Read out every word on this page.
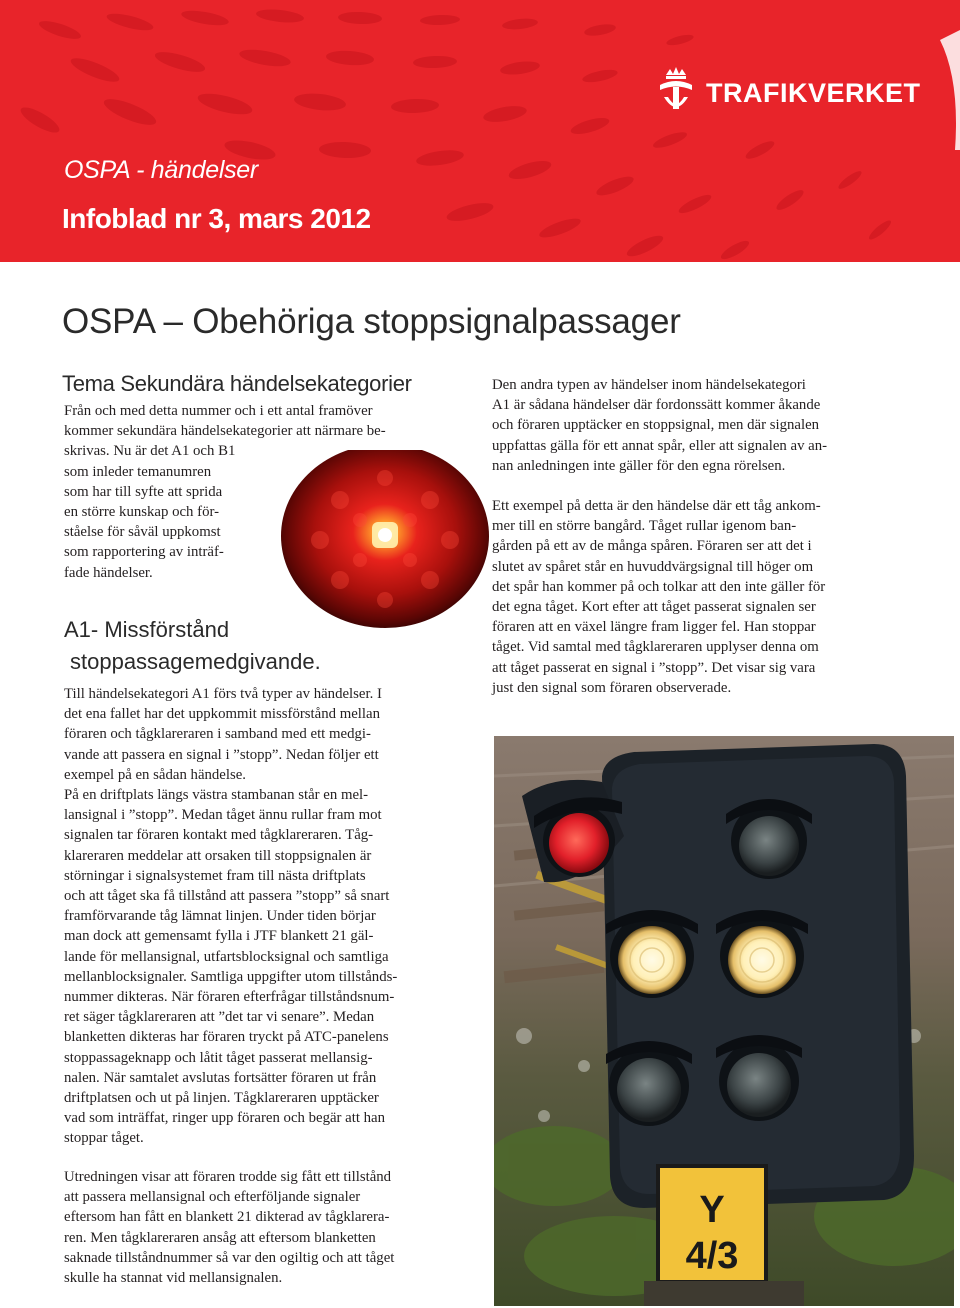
OSPA - händelser
Infoblad nr 3, mars 2012
TRAFIKVERKET
OSPA – Obehöriga stoppsignalpassager
Tema Sekundära händelsekategorier
Från och med detta nummer och i ett antal framöver
kommer sekundära händelsekategorier att närmare be-
skrivas. Nu är det A1 och B1
som inleder temanumren
som har till syfte att sprida
en större kunskap och för-
ståelse för såväl uppkomst
som rapportering av inträf-
fade händelser.
A1- Missförstånd
stoppassagemedgivande.
Till händelsekategori A1 förs två typer av händelser. I
det ena fallet har det uppkommit missförstånd mellan
föraren och tågklareraren i samband med ett medgi-
vande att passera en signal i ”stopp”. Nedan följer ett
exempel på en sådan händelse.
På en driftplats längs västra stambanan står en mel-
lansignal i ”stopp”. Medan tåget ännu rullar fram mot
signalen tar föraren kontakt med tågklareraren. Tåg-
klareraren meddelar att orsaken till stoppsignalen är
störningar i signalsystemet fram till nästa driftplats
och att tåget ska få tillstånd att passera ”stopp” så snart
framförvarande tåg lämnat linjen. Under tiden börjar
man dock att gemensamt fylla i JTF blankett 21 gäl-
lande för mellansignal, utfartsblocksignal och samtliga
mellanblocksignaler. Samtliga uppgifter utom tillstånds-
nummer dikteras. När föraren efterfrågar tillståndsnum-
ret säger tågklareraren att ”det tar vi senare”. Medan
blanketten dikteras har föraren tryckt på ATC-panelens
stoppassageknapp och låtit tåget passerat mellansig-
nalen. När samtalet avslutas fortsätter föraren ut från
driftplatsen och ut på linjen. Tågklareraren upptäcker
vad som inträffat, ringer upp föraren och begär att han
stoppar tåget.
Utredningen visar att föraren trodde sig fått ett tillstånd
att passera mellansignal och efterföljande signaler
eftersom han fått en blankett 21 dikterad av tågklarera-
ren. Men tågklareraren ansåg att eftersom blanketten
saknade tillståndnummer så var den ogiltig och att tåget
skulle ha stannat vid mellansignalen.
Den andra typen av händelser inom händelsekategori
A1 är sådana händelser där fordonssätt kommer åkande
och föraren upptäcker en stoppsignal, men där signalen
uppfattas gälla för ett annat spår, eller att signalen av an-
nan anledningen inte gäller för den egna rörelsen.
Ett exempel på detta är den händelse där ett tåg ankom-
mer till en större bangård. Tåget rullar igenom ban-
gården på ett av de många spåren. Föraren ser att det i
slutet av spåret står en huvuddvärgsignal till höger om
det spår han kommer på och tolkar att den inte gäller för
det egna tåget. Kort efter att tåget passerat signalen ser
föraren att en växel längre fram ligger fel. Han stoppar
tåget. Vid samtal med tågklareraren upplyser denna om
att tåget passerat en signal i ”stopp”. Det visar sig vara
just den signal som föraren observerade.
Y
4/3
